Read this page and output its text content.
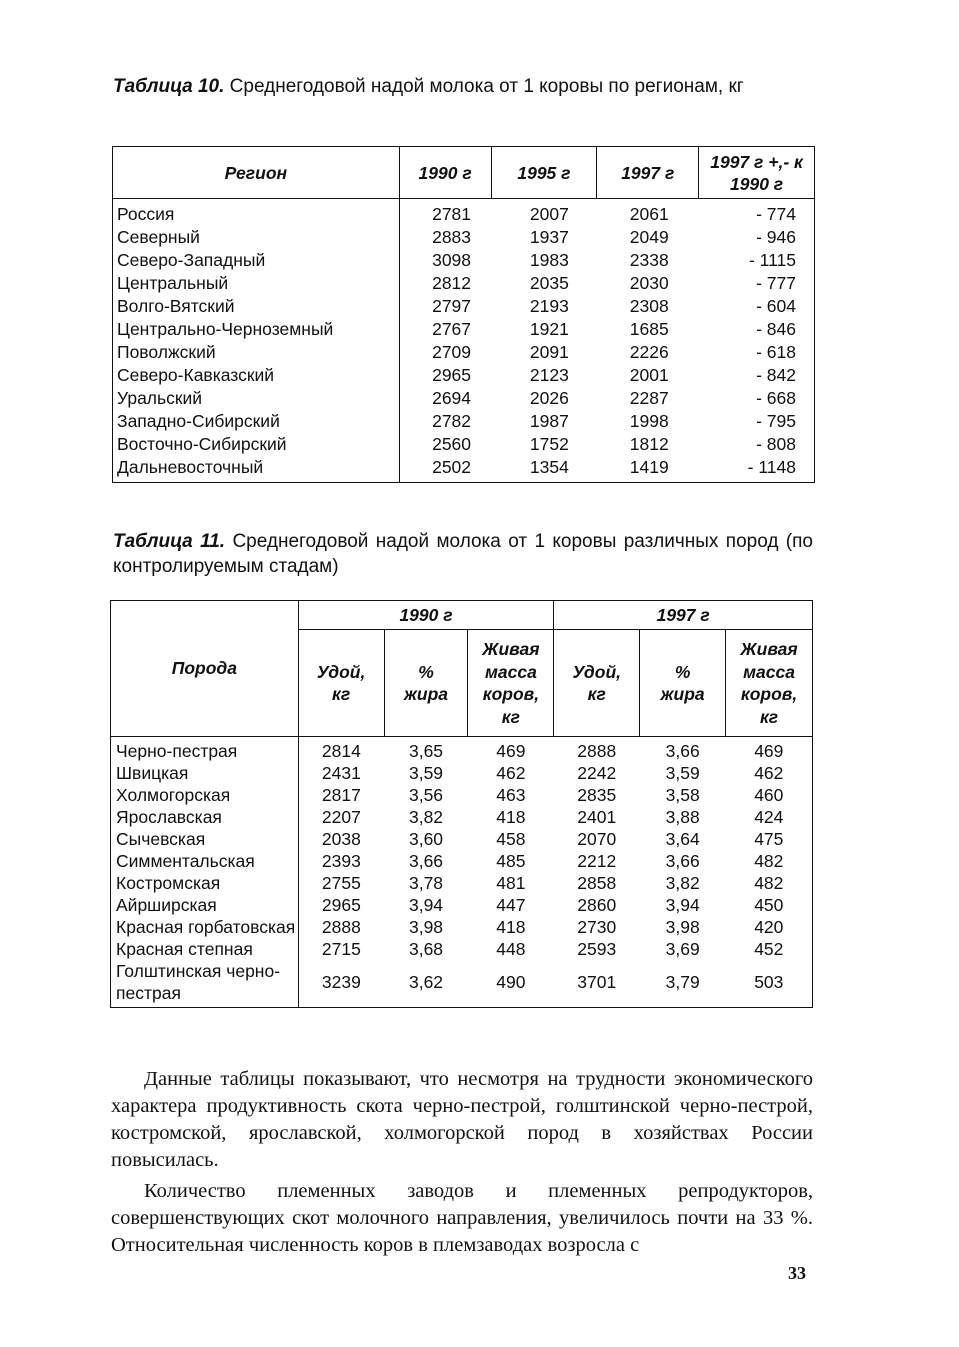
Таблица 10. Среднегодовой надой молока от 1 коровы по регионам, кг
Регион	1990 г	1995 г	1997 г	1997 г +,- к 1990 г
Россия	2781	2007	2061	- 774
Северный	2883	1937	2049	- 946
Северо-Западный	3098	1983	2338	- 1115
Центральный	2812	2035	2030	- 777
Волго-Вятский	2797	2193	2308	- 604
Центрально-Черноземный	2767	1921	1685	- 846
Поволжский	2709	2091	2226	- 618
Северо-Кавказский	2965	2123	2001	- 842
Уральский	2694	2026	2287	- 668
Западно-Сибирский	2782	1987	1998	- 795
Восточно-Сибирский	2560	1752	1812	- 808
Дальневосточный	2502	1354	1419	- 1148
Таблица 11. Среднегодовой надой молока от 1 коровы различных пород (по контролируемым стадам)
Порода	1990 г			1997 г		
	Удой, кг	% жира	Живая масса коров, кг	Удой, кг	% жира	Живая масса коров, кг
Черно-пестрая	2814	3,65	469	2888	3,66	469
Швицкая	2431	3,59	462	2242	3,59	462
Холмогорская	2817	3,56	463	2835	3,58	460
Ярославская	2207	3,82	418	2401	3,88	424
Сычевская	2038	3,60	458	2070	3,64	475
Симментальская	2393	3,66	485	2212	3,66	482
Костромская	2755	3,78	481	2858	3,82	482
Айрширская	2965	3,94	447	2860	3,94	450
Красная горбатовская	2888	3,98	418	2730	3,98	420
Красная степная	2715	3,68	448	2593	3,69	452
Голштинская черно-пестрая	3239	3,62	490	3701	3,79	503
Данные таблицы показывают, что несмотря на трудности экономического характера продуктивность скота черно-пестрой, голштинской черно-пестрой, костромской, ярославской, холмогорской пород в хозяйствах России повысилась.
Количество племенных заводов и племенных репродукторов, совершенствующих скот молочного направления, увеличилось почти на 33 %. Относительная численность коров в племзаводах возросла с
33
